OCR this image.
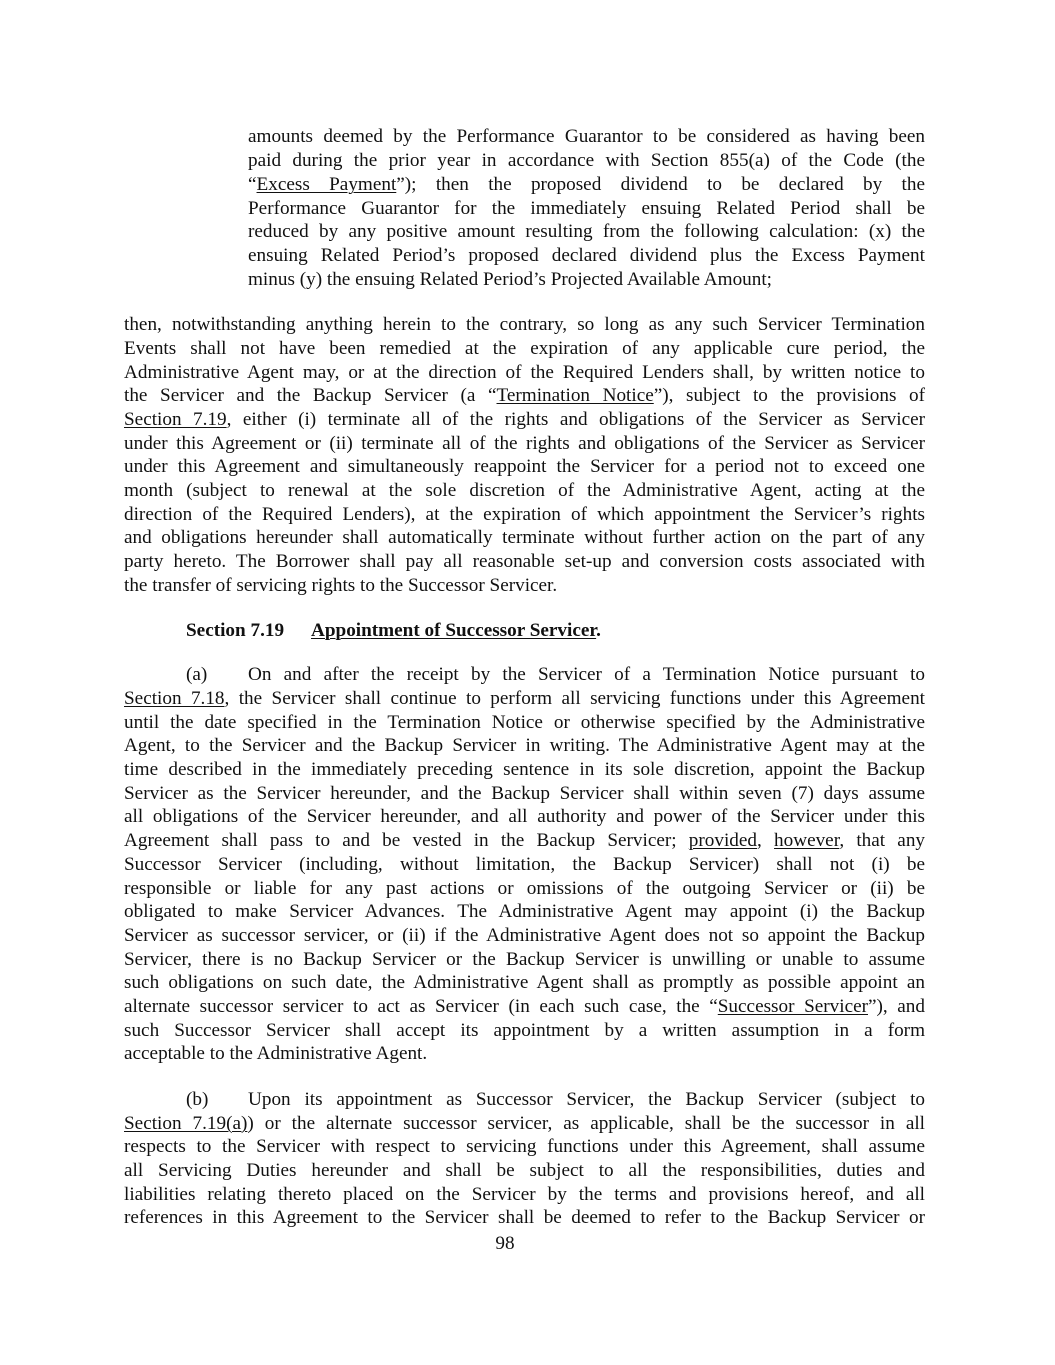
amounts deemed by the Performance Guarantor to be considered as having been
paid during the prior year in accordance with Section 855(a) of the Code (the
“Excess Payment”); then the proposed dividend to be declared by the
Performance Guarantor for the immediately ensuing Related Period shall be
reduced by any positive amount resulting from the following calculation: (x) the
ensuing Related Period’s proposed declared dividend plus the Excess Payment
minus (y) the ensuing Related Period’s Projected Available Amount;
then, notwithstanding anything herein to the contrary, so long as any such Servicer Termination
Events shall not have been remedied at the expiration of any applicable cure period, the
Administrative Agent may, or at the direction of the Required Lenders shall, by written notice to
the Servicer and the Backup Servicer (a “Termination Notice”), subject to the provisions of
Section 7.19, either (i) terminate all of the rights and obligations of the Servicer as Servicer
under this Agreement or (ii) terminate all of the rights and obligations of the Servicer as Servicer
under this Agreement and simultaneously reappoint the Servicer for a period not to exceed one
month (subject to renewal at the sole discretion of the Administrative Agent, acting at the
direction of the Required Lenders), at the expiration of which appointment the Servicer’s rights
and obligations hereunder shall automatically terminate without further action on the part of any
party hereto. The Borrower shall pay all reasonable set-up and conversion costs associated with
the transfer of servicing rights to the Successor Servicer.
Section 7.19 Appointment of Successor Servicer.
(a) On and after the receipt by the Servicer of a Termination Notice pursuant to
Section 7.18, the Servicer shall continue to perform all servicing functions under this Agreement
until the date specified in the Termination Notice or otherwise specified by the Administrative
Agent, to the Servicer and the Backup Servicer in writing. The Administrative Agent may at the
time described in the immediately preceding sentence in its sole discretion, appoint the Backup
Servicer as the Servicer hereunder, and the Backup Servicer shall within seven (7) days assume
all obligations of the Servicer hereunder, and all authority and power of the Servicer under this
Agreement shall pass to and be vested in the Backup Servicer; provided, however, that any
Successor Servicer (including, without limitation, the Backup Servicer) shall not (i) be
responsible or liable for any past actions or omissions of the outgoing Servicer or (ii) be
obligated to make Servicer Advances. The Administrative Agent may appoint (i) the Backup
Servicer as successor servicer, or (ii) if the Administrative Agent does not so appoint the Backup
Servicer, there is no Backup Servicer or the Backup Servicer is unwilling or unable to assume
such obligations on such date, the Administrative Agent shall as promptly as possible appoint an
alternate successor servicer to act as Servicer (in each such case, the “Successor Servicer”), and
such Successor Servicer shall accept its appointment by a written assumption in a form
acceptable to the Administrative Agent.
(b) Upon its appointment as Successor Servicer, the Backup Servicer (subject to
Section 7.19(a)) or the alternate successor servicer, as applicable, shall be the successor in all
respects to the Servicer with respect to servicing functions under this Agreement, shall assume
all Servicing Duties hereunder and shall be subject to all the responsibilities, duties and
liabilities relating thereto placed on the Servicer by the terms and provisions hereof, and all
references in this Agreement to the Servicer shall be deemed to refer to the Backup Servicer or
98
